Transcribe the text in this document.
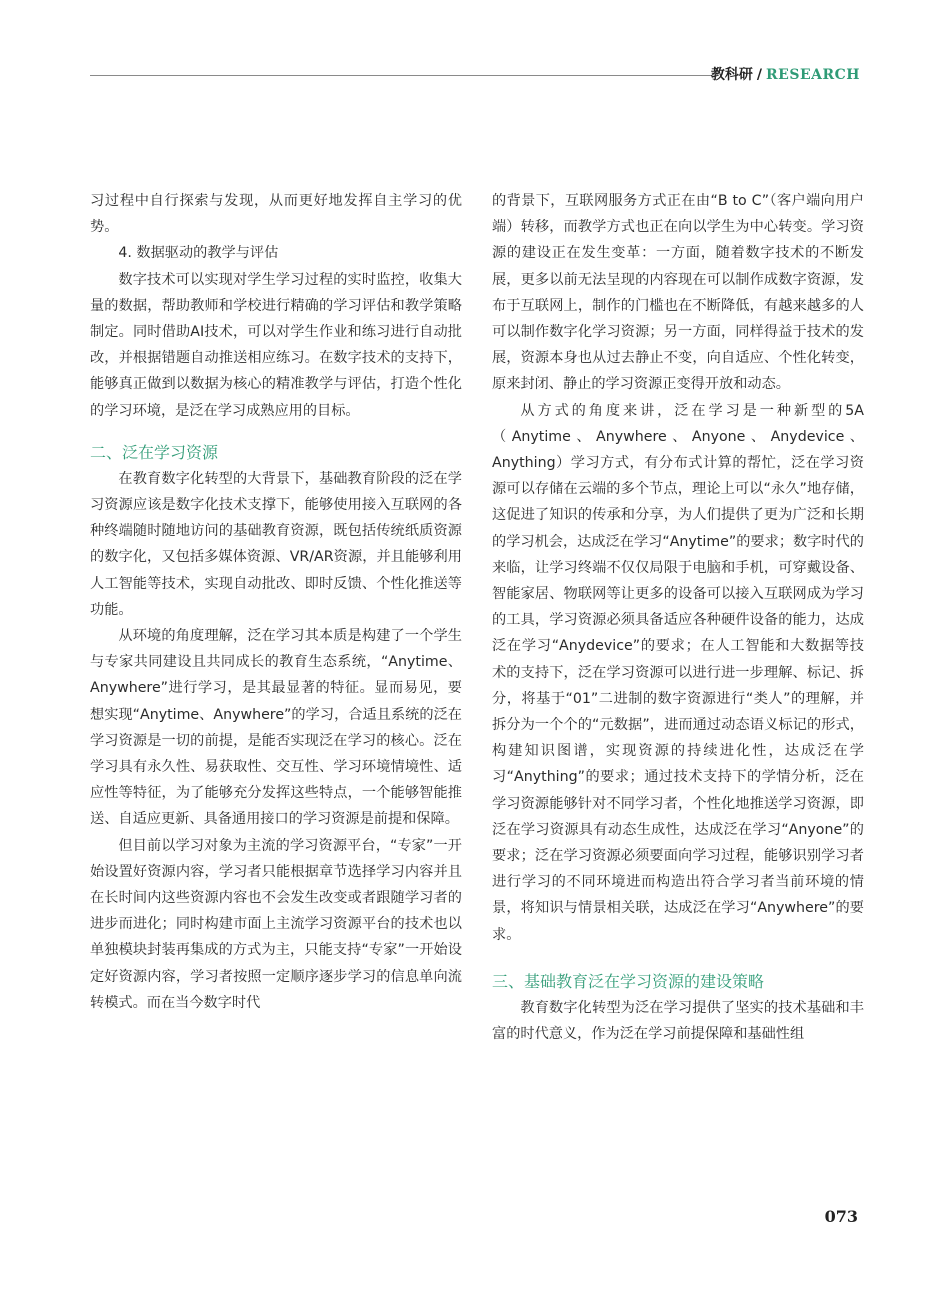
教科研 / RESEARCH

习过程中自行探索与发现，从而更好地发挥自主学习的优势。

4. 数据驱动的教学与评估

数字技术可以实现对学生学习过程的实时监控，收集大量的数据，帮助教师和学校进行精确的学习评估和教学策略制定。同时借助AI技术，可以对学生作业和练习进行自动批改，并根据错题自动推送相应练习。在数字技术的支持下，能够真正做到以数据为核心的精准教学与评估，打造个性化的学习环境，是泛在学习成熟应用的目标。

二、泛在学习资源

在教育数字化转型的大背景下，基础教育阶段的泛在学习资源应该是数字化技术支撑下，能够使用接入互联网的各种终端随时随地访问的基础教育资源，既包括传统纸质资源的数字化，又包括多媒体资源、VR/AR资源，并且能够利用人工智能等技术，实现自动批改、即时反馈、个性化推送等功能。

从环境的角度理解，泛在学习其本质是构建了一个学生与专家共同建设且共同成长的教育生态系统，“Anytime、Anywhere”进行学习，是其最显著的特征。显而易见，要想实现“Anytime、Anywhere”的学习，合适且系统的泛在学习资源是一切的前提，是能否实现泛在学习的核心。泛在学习具有永久性、易获取性、交互性、学习环境情境性、适应性等特征，为了能够充分发挥这些特点，一个能够智能推送、自适应更新、具备通用接口的学习资源是前提和保障。

但目前以学习对象为主流的学习资源平台，“专家”一开始设置好资源内容，学习者只能根据章节选择学习内容并且在长时间内这些资源内容也不会发生改变或者跟随学习者的进步而进化；同时构建市面上主流学习资源平台的技术也以单独模块封装再集成的方式为主，只能支持“专家”一开始设定好资源内容，学习者按照一定顺序逐步学习的信息单向流转模式。而在当今数字时代

的背景下，互联网服务方式正在由“B to C”（客户端向用户端）转移，而教学方式也正在向以学生为中心转变。学习资源的建设正在发生变革：一方面，随着数字技术的不断发展，更多以前无法呈现的内容现在可以制作成数字资源，发布于互联网上，制作的门槛也在不断降低，有越来越多的人可以制作数字化学习资源；另一方面，同样得益于技术的发展，资源本身也从过去静止不变，向自适应、个性化转变，原来封闭、静止的学习资源正变得开放和动态。

从方式的角度来讲，泛在学习是一种新型的5A（Anytime、Anywhere、Anyone、Anydevice、Anything）学习方式，有分布式计算的帮忙，泛在学习资源可以存储在云端的多个节点，理论上可以“永久”地存储，这促进了知识的传承和分享，为人们提供了更为广泛和长期的学习机会，达成泛在学习“Anytime”的要求；数字时代的来临，让学习终端不仅仅局限于电脑和手机，可穿戴设备、智能家居、物联网等让更多的设备可以接入互联网成为学习的工具，学习资源必须具备适应各种硬件设备的能力，达成泛在学习“Anydevice”的要求；在人工智能和大数据等技术的支持下，泛在学习资源可以进行进一步理解、标记、拆分，将基于“01”二进制的数字资源进行“类人”的理解，并拆分为一个个的“元数据”，进而通过动态语义标记的形式，构建知识图谱，实现资源的持续进化性，达成泛在学习“Anything”的要求；通过技术支持下的学情分析，泛在学习资源能够针对不同学习者，个性化地推送学习资源，即泛在学习资源具有动态生成性，达成泛在学习“Anyone”的要求；泛在学习资源必须要面向学习过程，能够识别学习者进行学习的不同环境进而构造出符合学习者当前环境的情景，将知识与情景相关联，达成泛在学习“Anywhere”的要求。

三、基础教育泛在学习资源的建设策略

教育数字化转型为泛在学习提供了坚实的技术基础和丰富的时代意义，作为泛在学习前提保障和基础性组

073
